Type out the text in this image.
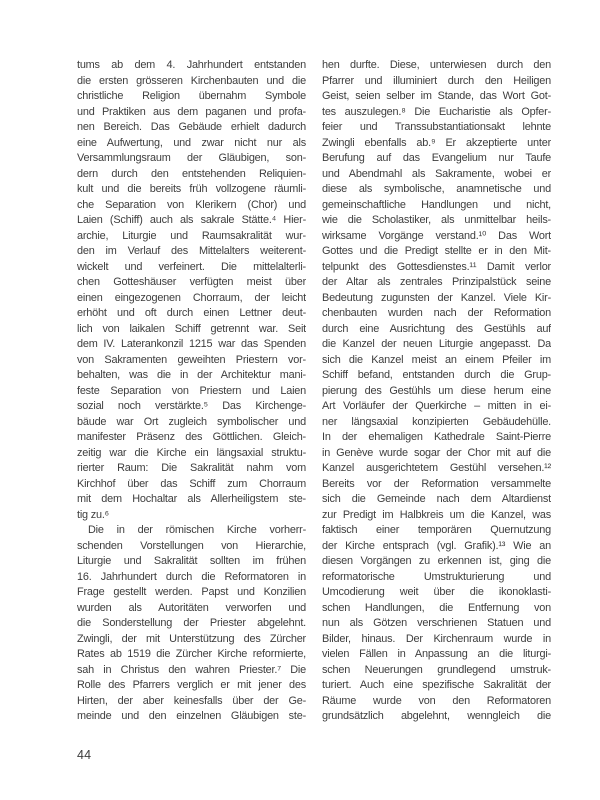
tums ab dem 4. Jahrhundert entstanden
die ersten grösseren Kirchenbauten und die
christliche Religion übernahm Symbole
und Praktiken aus dem paganen und profa-
nen Bereich. Das Gebäude erhielt dadurch
eine Aufwertung, und zwar nicht nur als
Versammlungsraum der Gläubigen, son-
dern durch den entstehenden Reliquien-
kult und die bereits früh vollzogene räumli-
che Separation von Klerikern (Chor) und
Laien (Schiff) auch als sakrale Stätte.⁴ Hier-
archie, Liturgie und Raumsakralität wur-
den im Verlauf des Mittelalters weiterent-
wickelt und verfeinert. Die mittelalterli-
chen Gotteshäuser verfügten meist über
einen eingezogenen Chorraum, der leicht
erhöht und oft durch einen Lettner deut-
lich von laikalen Schiff getrennt war. Seit
dem IV. Laterankonzil 1215 war das Spenden
von Sakramenten geweihten Priestern vor-
behalten, was die in der Architektur mani-
feste Separation von Priestern und Laien
sozial noch verstärkte.⁵ Das Kirchenge-
bäude war Ort zugleich symbolischer und
manifester Präsenz des Göttlichen. Gleich-
zeitig war die Kirche ein längsaxial struktu-
rierter Raum: Die Sakralität nahm vom
Kirchhof über das Schiff zum Chorraum
mit dem Hochaltar als Allerheiligstem ste-
tig zu.⁶
Die in der römischen Kirche vorherr-
schenden Vorstellungen von Hierarchie,
Liturgie und Sakralität sollten im frühen
16. Jahrhundert durch die Reformatoren in
Frage gestellt werden. Papst und Konzilien
wurden als Autoritäten verworfen und
die Sonderstellung der Priester abgelehnt.
Zwingli, der mit Unterstützung des Zürcher
Rates ab 1519 die Zürcher Kirche reformierte,
sah in Christus den wahren Priester.⁷ Die
Rolle des Pfarrers verglich er mit jener des
Hirten, der aber keinesfalls über der Ge-
meinde und den einzelnen Gläubigen ste-
hen durfte. Diese, unterwiesen durch den
Pfarrer und illuminiert durch den Heiligen
Geist, seien selber im Stande, das Wort Got-
tes auszulegen.⁸ Die Eucharistie als Opfer-
feier und Transsubstantiationsakt lehnte
Zwingli ebenfalls ab.⁹ Er akzeptierte unter
Berufung auf das Evangelium nur Taufe
und Abendmahl als Sakramente, wobei er
diese als symbolische, anamnetische und
gemeinschaftliche Handlungen und nicht,
wie die Scholastiker, als unmittelbar heils-
wirksame Vorgänge verstand.¹⁰ Das Wort
Gottes und die Predigt stellte er in den Mit-
telpunkt des Gottesdienstes.¹¹ Damit verlor
der Altar als zentrales Prinzipalstück seine
Bedeutung zugunsten der Kanzel. Viele Kir-
chenbauten wurden nach der Reformation
durch eine Ausrichtung des Gestühls auf
die Kanzel der neuen Liturgie angepasst. Da
sich die Kanzel meist an einem Pfeiler im
Schiff befand, entstanden durch die Grup-
pierung des Gestühls um diese herum eine
Art Vorläufer der Querkirche – mitten in ei-
ner längsaxial konzipierten Gebäudehülle.
In der ehemaligen Kathedrale Saint-Pierre
in Genève wurde sogar der Chor mit auf die
Kanzel ausgerichtetem Gestühl versehen.¹²
Bereits vor der Reformation versammelte
sich die Gemeinde nach dem Altardienst
zur Predigt im Halbkreis um die Kanzel, was
faktisch einer temporären Quernutzung
der Kirche entsprach (vgl. Grafik).¹³ Wie an
diesen Vorgängen zu erkennen ist, ging die
reformatorische Umstrukturierung und
Umcodierung weit über die ikonoklasti-
schen Handlungen, die Entfernung von
nun als Götzen verschrienen Statuen und
Bilder, hinaus. Der Kirchenraum wurde in
vielen Fällen in Anpassung an die liturgi-
schen Neuerungen grundlegend umstruk-
turiert. Auch eine spezifische Sakralität der
Räume wurde von den Reformatoren
grundsätzlich abgelehnt, wenngleich die
44
